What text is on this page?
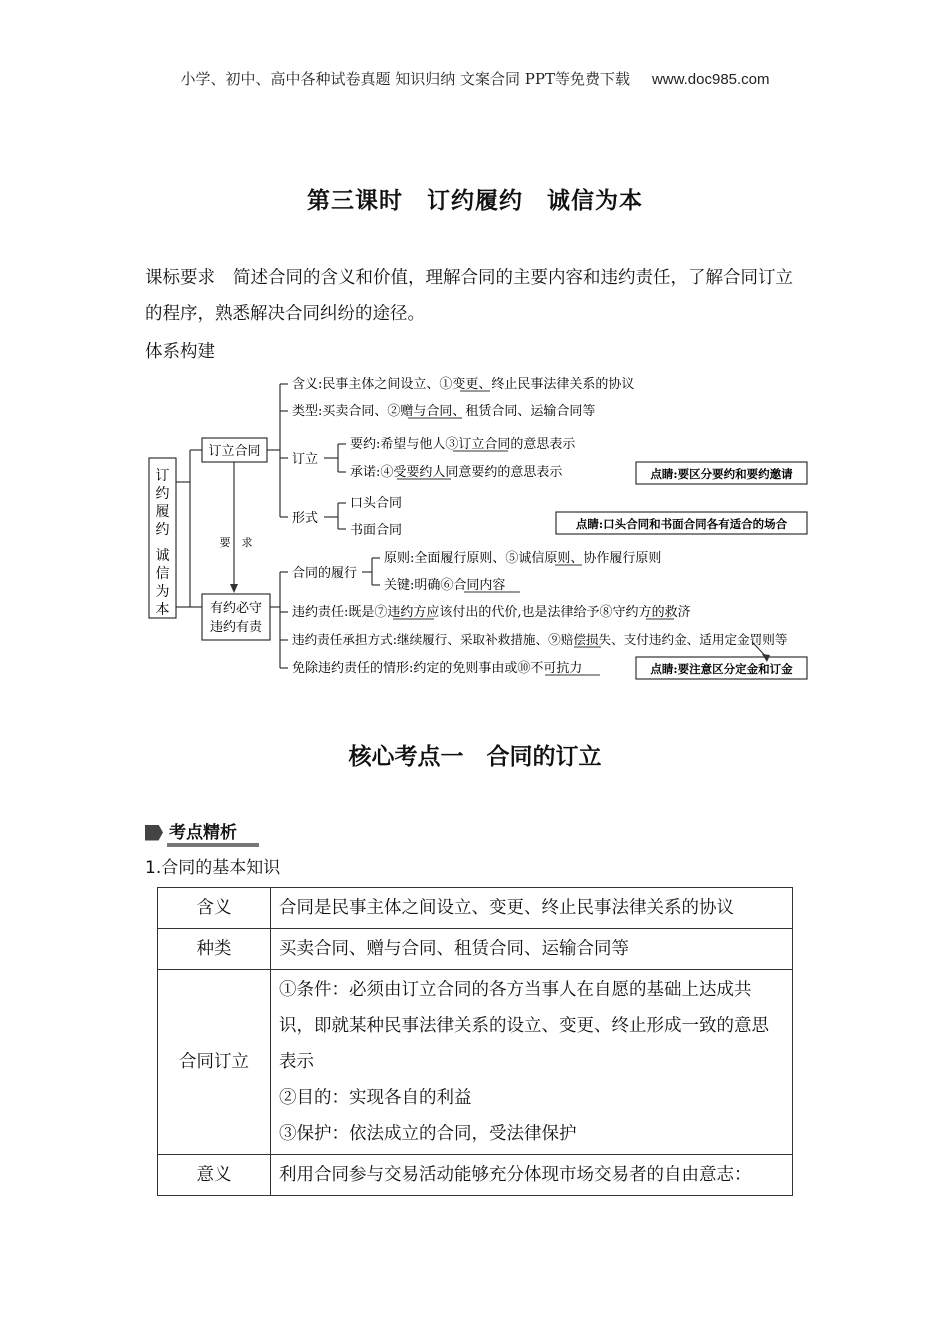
小学、初中、高中各种试卷真题 知识归纳 文案合同 PPT等免费下载 www.doc985.com
第三课时　订约履约　诚信为本
课标要求 简述合同的含义和价值，理解合同的主要内容和违约责任，了解合同订立的程序，熟悉解决合同纠纷的途径。
体系构建
订约履约诚信为本
订立合同
有约必守
违约有责
要　求
含义:民事主体之间设立、①变更、终止民事法律关系的协议
类型:买卖合同、②赠与合同、租赁合同、运输合同等
订立
要约:希望与他人③订立合同的意思表示
承诺:④受要约人同意要约的意思表示
形式
口头合同
书面合同
合同的履行
原则:全面履行原则、⑤诚信原则、协作履行原则
关键:明确⑥合同内容
违约责任:既是⑦违约方应该付出的代价,也是法律给予⑧守约方的救济
违约责任承担方式:继续履行、采取补救措施、⑨赔偿损失、支付违约金、适用定金罚则等
免除违约责任的情形:约定的免则事由或⑩不可抗力
点睛:要区分要约和要约邀请
点睛:口头合同和书面合同各有适合的场合
点睛:要注意区分定金和订金
核心考点一　合同的订立
考点精析
1.合同的基本知识
含义	合同是民事主体之间设立、变更、终止民事法律关系的协议
种类	买卖合同、赠与合同、租赁合同、运输合同等
合同订立	①条件：必须由订立合同的各方当事人在自愿的基础上达成共识，即就某种民事法律关系的设立、变更、终止形成一致的意思表示
②目的：实现各自的利益
③保护：依法成立的合同，受法律保护

意义	利用合同参与交易活动能够充分体现市场交易者的自由意志：
